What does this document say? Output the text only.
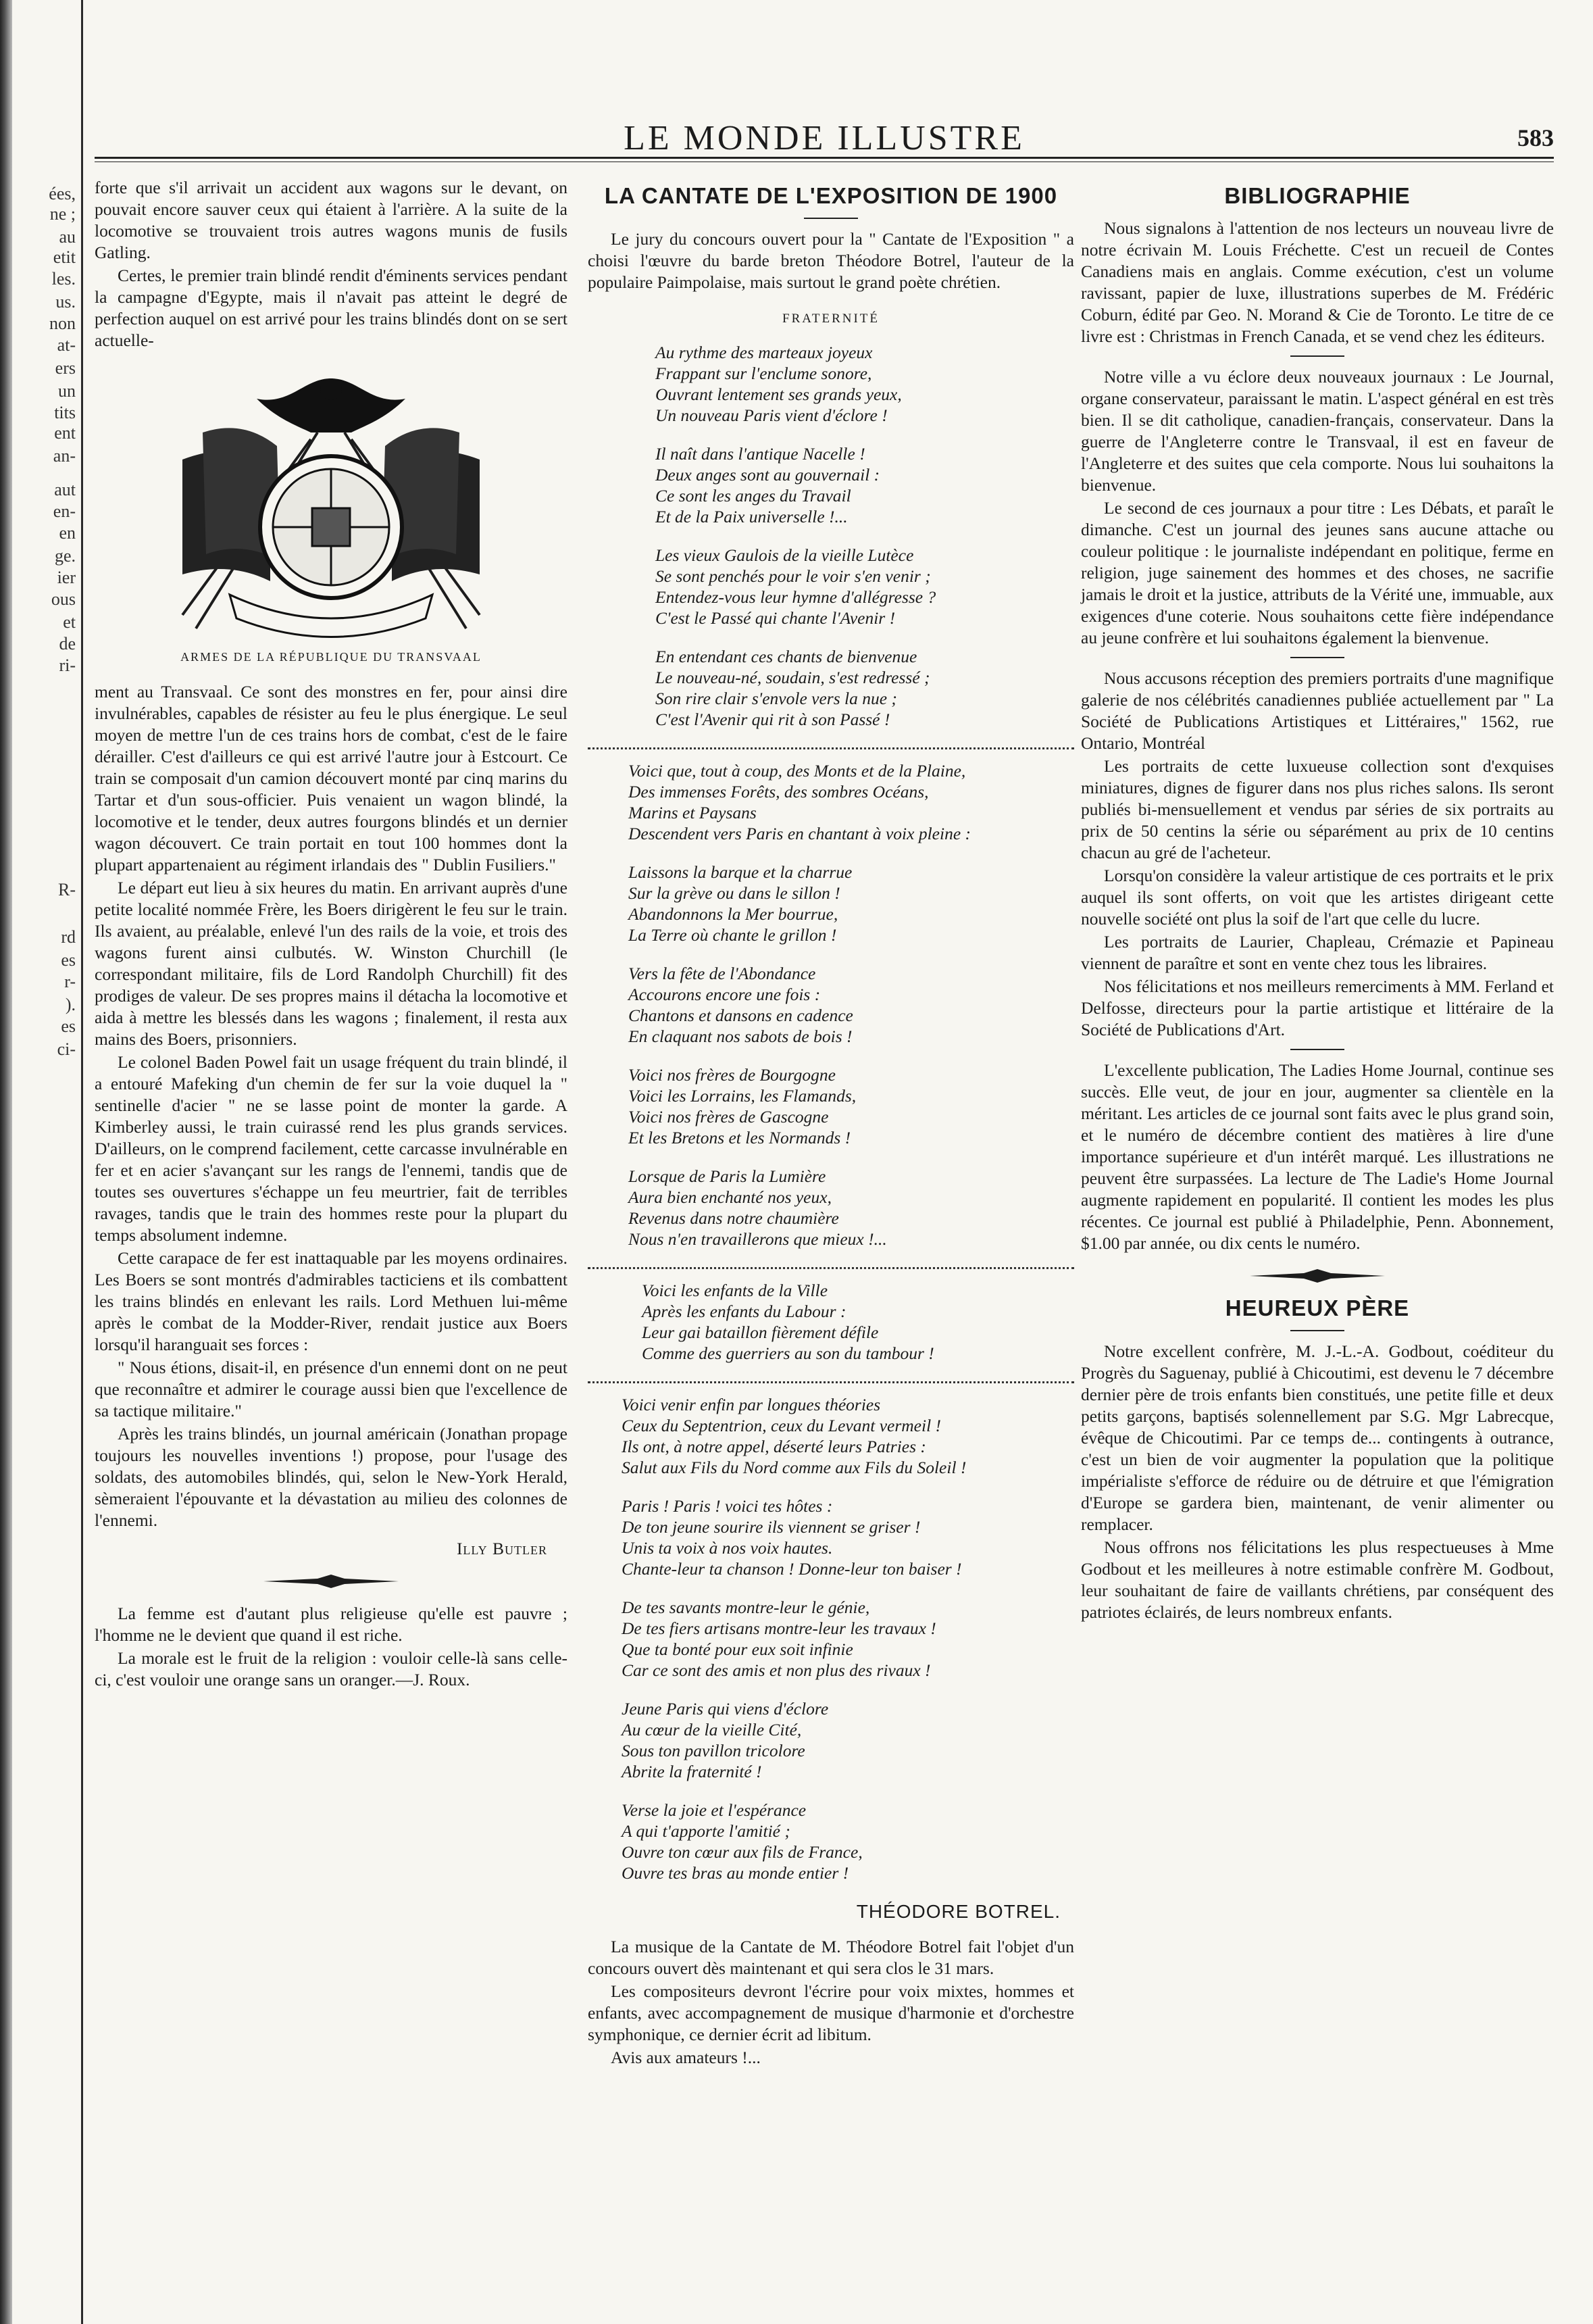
ées,
ne ;
au
etit
les.
us.
non
at-
ers
un
tits
ent
an-
aut
en-
en
ge.
ier
ous
et
de
ri-
R-
rd
es
r-
).
es
ci-
LE MONDE ILLUSTRE	583

forte que s'il arrivait un accident aux wagons sur le devant, on pouvait encore sauver ceux qui étaient à l'arrière. A la suite de la locomotive se trouvaient trois autres wagons munis de fusils Gatling.

Certes, le premier train blindé rendit d'éminents services pendant la campagne d'Egypte, mais il n'avait pas atteint le degré de perfection auquel on est arrivé pour les trains blindés dont on se sert actuelle-

ARMES DE LA RÉPUBLIQUE DU TRANSVAAL

ment au Transvaal. Ce sont des monstres en fer, pour ainsi dire invulnérables, capables de résister au feu le plus énergique. Le seul moyen de mettre l'un de ces trains hors de combat, c'est de le faire dérailler. C'est d'ailleurs ce qui est arrivé l'autre jour à Estcourt. Ce train se composait d'un camion découvert monté par cinq marins du Tartar et d'un sous-officier. Puis venaient un wagon blindé, la locomotive et le tender, deux autres fourgons blindés et un dernier wagon découvert. Ce train portait en tout 100 hommes dont la plupart appartenaient au régiment irlandais des " Dublin Fusiliers."

Le départ eut lieu à six heures du matin. En arrivant auprès d'une petite localité nommée Frère, les Boers dirigèrent le feu sur le train. Ils avaient, au préalable, enlevé l'un des rails de la voie, et trois des wagons furent ainsi culbutés. W. Winston Churchill (le correspondant militaire, fils de Lord Randolph Churchill) fit des prodiges de valeur. De ses propres mains il détacha la locomotive et aida à mettre les blessés dans les wagons ; finalement, il resta aux mains des Boers, prisonniers.

Le colonel Baden Powel fait un usage fréquent du train blindé, il a entouré Mafeking d'un chemin de fer sur la voie duquel la " sentinelle d'acier " ne se lasse point de monter la garde. A Kimberley aussi, le train cuirassé rend les plus grands services. D'ailleurs, on le comprend facilement, cette carcasse invulnérable en fer et en acier s'avançant sur les rangs de l'ennemi, tandis que de toutes ses ouvertures s'échappe un feu meurtrier, fait de terribles ravages, tandis que le train des hommes reste pour la plupart du temps absolument indemne.

Cette carapace de fer est inattaquable par les moyens ordinaires. Les Boers se sont montrés d'admirables tacticiens et ils combattent les trains blindés en enlevant les rails. Lord Methuen lui-même après le combat de la Modder-River, rendait justice aux Boers lorsqu'il haranguait ses forces :

" Nous étions, disait-il, en présence d'un ennemi dont on ne peut que reconnaître et admirer le courage aussi bien que l'excellence de sa tactique militaire."

Après les trains blindés, un journal américain (Jonathan propage toujours les nouvelles inventions !) propose, pour l'usage des soldats, des automobiles blindés, qui, selon le New-York Herald, sèmeraient l'épouvante et la dévastation au milieu des colonnes de l'ennemi.

Illy Butler

La femme est d'autant plus religieuse qu'elle est pauvre ; l'homme ne le devient que quand il est riche.

La morale est le fruit de la religion : vouloir celle-là sans celle-ci, c'est vouloir une orange sans un oranger.—J. Roux.

LA CANTATE DE L'EXPOSITION DE 1900

Le jury du concours ouvert pour la " Cantate de l'Exposition " a choisi l'œuvre du barde breton Théodore Botrel, l'auteur de la populaire Paimpolaise, mais surtout le grand poète chrétien.

FRATERNITÉ
Au rythme des marteaux joyeux
Frappant sur l'enclume sonore,
Ouvrant lentement ses grands yeux,
Un nouveau Paris vient d'éclore !
Il naît dans l'antique Nacelle !
Deux anges sont au gouvernail :
Ce sont les anges du Travail
Et de la Paix universelle !...
Les vieux Gaulois de la vieille Lutèce
Se sont penchés pour le voir s'en venir ;
Entendez-vous leur hymne d'allégresse ?
C'est le Passé qui chante l'Avenir !
En entendant ces chants de bienvenue
Le nouveau-né, soudain, s'est redressé ;
Son rire clair s'envole vers la nue ;
C'est l'Avenir qui rit à son Passé !
Voici que, tout à coup, des Monts et de la Plaine,
Des immenses Forêts, des sombres Océans,
Marins et Paysans
Descendent vers Paris en chantant à voix pleine :
Laissons la barque et la charrue
Sur la grève ou dans le sillon !
Abandonnons la Mer bourrue,
La Terre où chante le grillon !
Vers la fête de l'Abondance
Accourons encore une fois :
Chantons et dansons en cadence
En claquant nos sabots de bois !
Voici nos frères de Bourgogne
Voici les Lorrains, les Flamands,
Voici nos frères de Gascogne
Et les Bretons et les Normands !
Lorsque de Paris la Lumière
Aura bien enchanté nos yeux,
Revenus dans notre chaumière
Nous n'en travaillerons que mieux !...
Voici les enfants de la Ville
Après les enfants du Labour :
Leur gai bataillon fièrement défile
Comme des guerriers au son du tambour !
Voici venir enfin par longues théories
Ceux du Septentrion, ceux du Levant vermeil !
Ils ont, à notre appel, déserté leurs Patries :
Salut aux Fils du Nord comme aux Fils du Soleil !
Paris ! Paris ! voici tes hôtes :
De ton jeune sourire ils viennent se griser !
Unis ta voix à nos voix hautes.
Chante-leur ta chanson ! Donne-leur ton baiser !
De tes savants montre-leur le génie,
De tes fiers artisans montre-leur les travaux !
Que ta bonté pour eux soit infinie
Car ce sont des amis et non plus des rivaux !
Jeune Paris qui viens d'éclore
Au cœur de la vieille Cité,
Sous ton pavillon tricolore
Abrite la fraternité !
Verse la joie et l'espérance
A qui t'apporte l'amitié ;
Ouvre ton cœur aux fils de France,
Ouvre tes bras au monde entier !
THÉODORE BOTREL.

La musique de la Cantate de M. Théodore Botrel fait l'objet d'un concours ouvert dès maintenant et qui sera clos le 31 mars.

Les compositeurs devront l'écrire pour voix mixtes, hommes et enfants, avec accompagnement de musique d'harmonie et d'orchestre symphonique, ce dernier écrit ad libitum.

Avis aux amateurs !...

BIBLIOGRAPHIE

Nous signalons à l'attention de nos lecteurs un nouveau livre de notre écrivain M. Louis Fréchette. C'est un recueil de Contes Canadiens mais en anglais. Comme exécution, c'est un volume ravissant, papier de luxe, illustrations superbes de M. Frédéric Coburn, édité par Geo. N. Morand & Cie de Toronto. Le titre de ce livre est : Christmas in French Canada, et se vend chez les éditeurs.

Notre ville a vu éclore deux nouveaux journaux : Le Journal, organe conservateur, paraissant le matin. L'aspect général en est très bien. Il se dit catholique, canadien-français, conservateur. Dans la guerre de l'Angleterre contre le Transvaal, il est en faveur de l'Angleterre et des suites que cela comporte. Nous lui souhaitons la bienvenue.

Le second de ces journaux a pour titre : Les Débats, et paraît le dimanche. C'est un journal des jeunes sans aucune attache ou couleur politique : le journaliste indépendant en politique, ferme en religion, juge sainement des hommes et des choses, ne sacrifie jamais le droit et la justice, attributs de la Vérité une, immuable, aux exigences d'une coterie. Nous souhaitons cette fière indépendance au jeune confrère et lui souhaitons également la bienvenue.

Nous accusons réception des premiers portraits d'une magnifique galerie de nos célébrités canadiennes publiée actuellement par " La Société de Publications Artistiques et Littéraires," 1562, rue Ontario, Montréal

Les portraits de cette luxueuse collection sont d'exquises miniatures, dignes de figurer dans nos plus riches salons. Ils seront publiés bi-mensuellement et vendus par séries de six portraits au prix de 50 centins la série ou séparément au prix de 10 centins chacun au gré de l'acheteur.

Lorsqu'on considère la valeur artistique de ces portraits et le prix auquel ils sont offerts, on voit que les artistes dirigeant cette nouvelle société ont plus la soif de l'art que celle du lucre.

Les portraits de Laurier, Chapleau, Crémazie et Papineau viennent de paraître et sont en vente chez tous les libraires.

Nos félicitations et nos meilleurs remerciments à MM. Ferland et Delfosse, directeurs pour la partie artistique et littéraire de la Société de Publications d'Art.

L'excellente publication, The Ladies Home Journal, continue ses succès. Elle veut, de jour en jour, augmenter sa clientèle en la méritant. Les articles de ce journal sont faits avec le plus grand soin, et le numéro de décembre contient des matières à lire d'une importance supérieure et d'un intérêt marqué. Les illustrations ne peuvent être surpassées. La lecture de The Ladie's Home Journal augmente rapidement en popularité. Il contient les modes les plus récentes. Ce journal est publié à Philadelphie, Penn. Abonnement, $1.00 par année, ou dix cents le numéro.

HEUREUX PÈRE

Notre excellent confrère, M. J.-L.-A. Godbout, coéditeur du Progrès du Saguenay, publié à Chicoutimi, est devenu le 7 décembre dernier père de trois enfants bien constitués, une petite fille et deux petits garçons, baptisés solennellement par S.G. Mgr Labrecque, évêque de Chicoutimi. Par ce temps de... contingents à outrance, c'est un bien de voir augmenter la population que la politique impérialiste s'efforce de réduire ou de détruire et que l'émigration d'Europe se gardera bien, maintenant, de venir alimenter ou remplacer.

Nous offrons nos félicitations les plus respectueuses à Mme Godbout et les meilleures à notre estimable confrère M. Godbout, leur souhaitant de faire de vaillants chrétiens, par conséquent des patriotes éclairés, de leurs nombreux enfants.
